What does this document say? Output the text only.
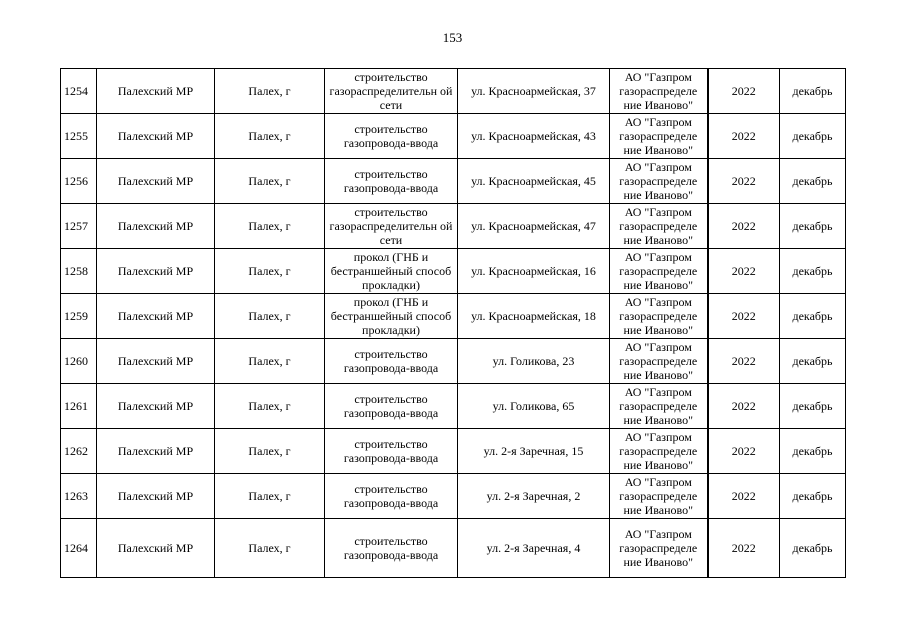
153
1254	Палехский МР	Палех, г	строительство газораспределительн ой сети	ул. Красноармейская, 37	АО "Газпром газораспределе ние Иваново"	2022	декабрь
1255	Палехский МР	Палех, г	строительство газопровода-ввода	ул. Красноармейская, 43	АО "Газпром газораспределе ние Иваново"	2022	декабрь
1256	Палехский МР	Палех, г	строительство газопровода-ввода	ул. Красноармейская, 45	АО "Газпром газораспределе ние Иваново"	2022	декабрь
1257	Палехский МР	Палех, г	строительство газораспределительн ой сети	ул. Красноармейская, 47	АО "Газпром газораспределе ние Иваново"	2022	декабрь
1258	Палехский МР	Палех, г	прокол (ГНБ и бестраншейный способ прокладки)	ул. Красноармейская, 16	АО "Газпром газораспределе ние Иваново"	2022	декабрь
1259	Палехский МР	Палех, г	прокол (ГНБ и бестраншейный способ прокладки)	ул. Красноармейская, 18	АО "Газпром газораспределе ние Иваново"	2022	декабрь
1260	Палехский МР	Палех, г	строительство газопровода-ввода	ул. Голикова, 23	АО "Газпром газораспределе ние Иваново"	2022	декабрь
1261	Палехский МР	Палех, г	строительство газопровода-ввода	ул. Голикова, 65	АО "Газпром газораспределе ние Иваново"	2022	декабрь
1262	Палехский МР	Палех, г	строительство газопровода-ввода	ул. 2-я Заречная, 15	АО "Газпром газораспределе ние Иваново"	2022	декабрь
1263	Палехский МР	Палех, г	строительство газопровода-ввода	ул. 2-я Заречная, 2	АО "Газпром газораспределе ние Иваново"	2022	декабрь
1264	Палехский МР	Палех, г	строительство газопровода-ввода	ул. 2-я Заречная, 4	АО "Газпром газораспределе ние Иваново"	2022	декабрь
